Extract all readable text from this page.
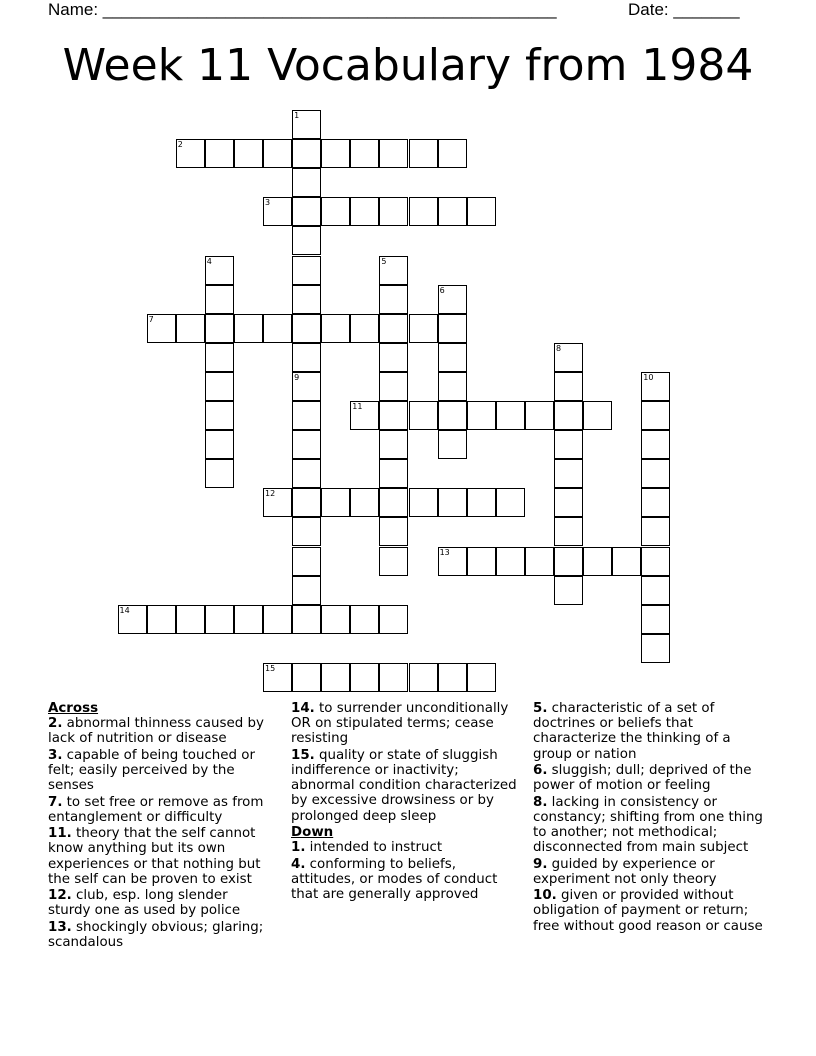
Name: ________________________________________________	Date: _______
Week 11 Vocabulary from 1984
1
2
3
4	5
6
7
8
9	10
11
12
13
14
15
Across
2. abnormal thinness caused by lack of nutrition or disease
3. capable of being touched or felt; easily perceived by the senses
7. to set free or remove as from entanglement or difficulty
11. theory that the self cannot know anything but its own experiences or that nothing but the self can be proven to exist
12. club, esp. long slender sturdy one as used by police
13. shockingly obvious; glaring; scandalous
14. to surrender unconditionally OR on stipulated terms; cease resisting
15. quality or state of sluggish indifference or inactivity; abnormal condition characterized by excessive drowsiness or by prolonged deep sleep
Down
1. intended to instruct
4. conforming to beliefs, attitudes, or modes of conduct that are generally approved
5. characteristic of a set of doctrines or beliefs that characterize the thinking of a group or nation
6. sluggish; dull; deprived of the power of motion or feeling
8. lacking in consistency or constancy; shifting from one thing to another; not methodical; disconnected from main subject
9. guided by experience or experiment not only theory
10. given or provided without obligation of payment or return; free without good reason or cause
